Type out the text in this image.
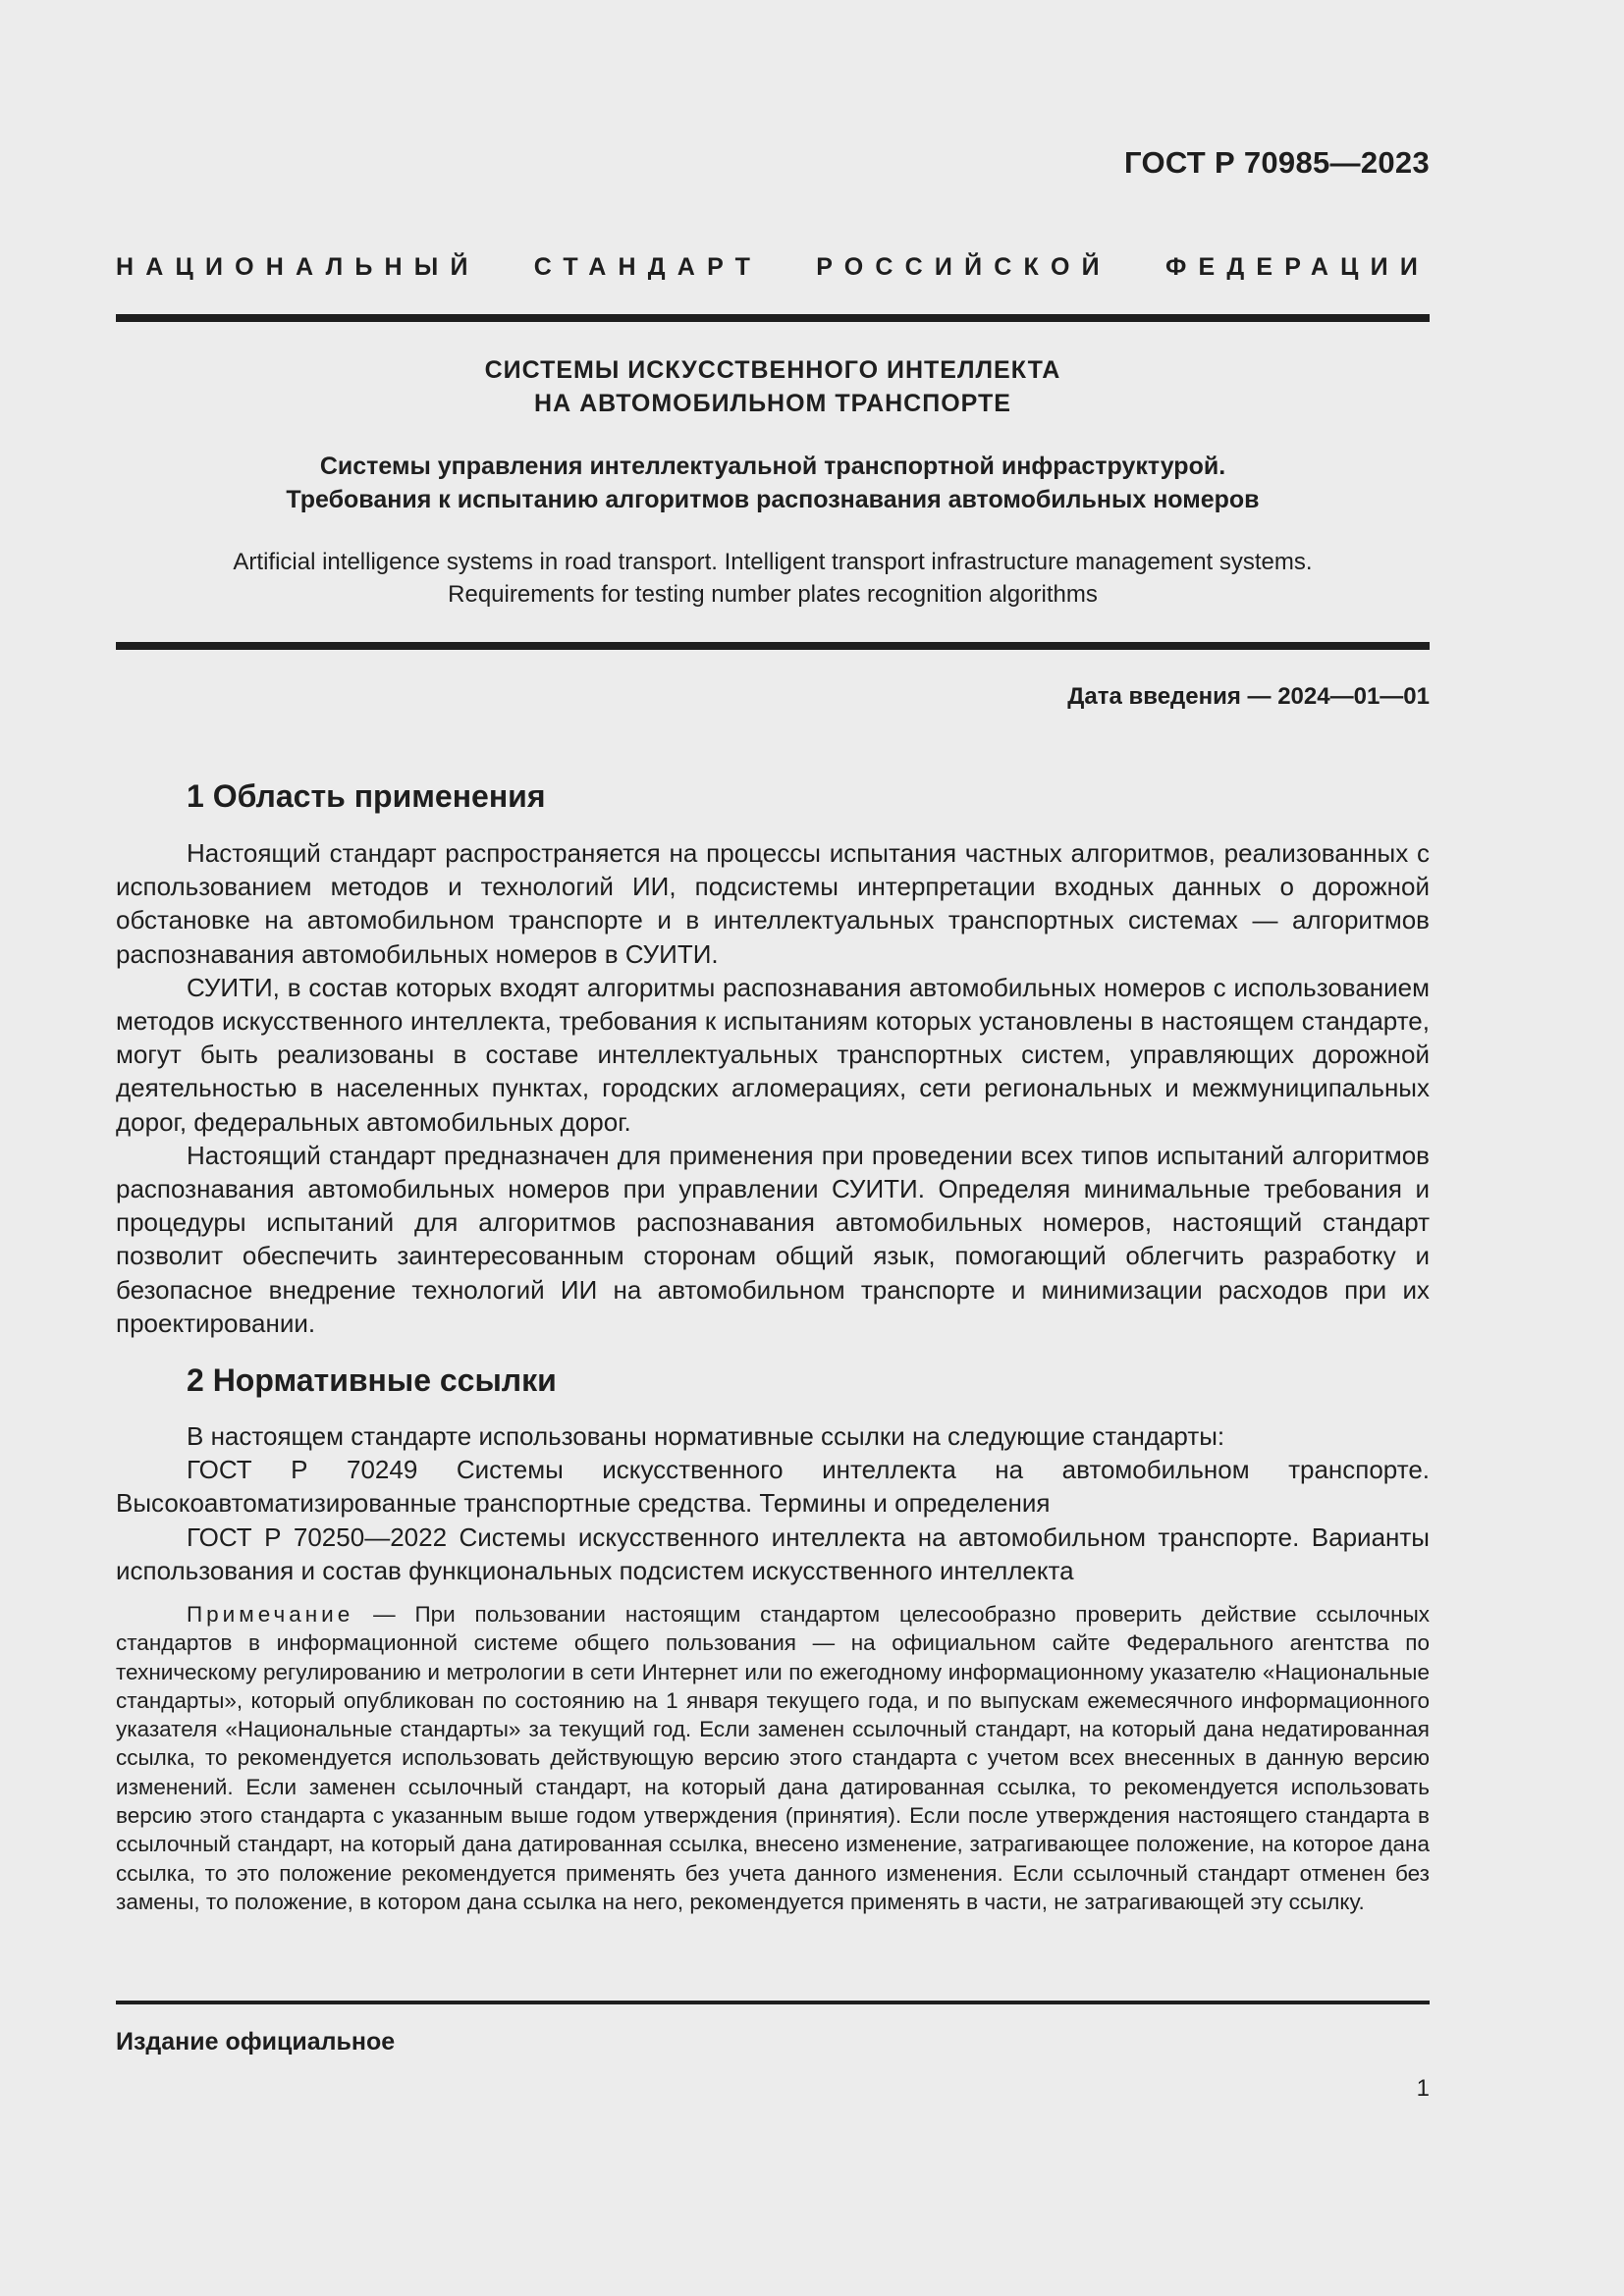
ГОСТ Р 70985—2023
НАЦИОНАЛЬНЫЙ СТАНДАРТ РОССИЙСКОЙ ФЕДЕРАЦИИ
СИСТЕМЫ ИСКУССТВЕННОГО ИНТЕЛЛЕКТА
НА АВТОМОБИЛЬНОМ ТРАНСПОРТЕ
Системы управления интеллектуальной транспортной инфраструктурой.
Требования к испытанию алгоритмов распознавания автомобильных номеров
Artificial intelligence systems in road transport. Intelligent transport infrastructure management systems.
Requirements for testing number plates recognition algorithms
Дата введения — 2024—01—01
1 Область применения

Настоящий стандарт распространяется на процессы испытания частных алгоритмов, реализованных с использованием методов и технологий ИИ, подсистемы интерпретации входных данных о дорожной обстановке на автомобильном транспорте и в интеллектуальных транспортных системах — алгоритмов распознавания автомобильных номеров в СУИТИ.

СУИТИ, в состав которых входят алгоритмы распознавания автомобильных номеров с использованием методов искусственного интеллекта, требования к испытаниям которых установлены в настоящем стандарте, могут быть реализованы в составе интеллектуальных транспортных систем, управляющих дорожной деятельностью в населенных пунктах, городских агломерациях, сети региональных и межмуниципальных дорог, федеральных автомобильных дорог.

Настоящий стандарт предназначен для применения при проведении всех типов испытаний алгоритмов распознавания автомобильных номеров при управлении СУИТИ. Определяя минимальные требования и процедуры испытаний для алгоритмов распознавания автомобильных номеров, настоящий стандарт позволит обеспечить заинтересованным сторонам общий язык, помогающий облегчить разработку и безопасное внедрение технологий ИИ на автомобильном транспорте и минимизации расходов при их проектировании.

2 Нормативные ссылки

В настоящем стандарте использованы нормативные ссылки на следующие стандарты:

ГОСТ Р 70249 Системы искусственного интеллекта на автомобильном транспорте. Высокоавтоматизированные транспортные средства. Термины и определения

ГОСТ Р 70250—2022 Системы искусственного интеллекта на автомобильном транспорте. Варианты использования и состав функциональных подсистем искусственного интеллекта

Примечание — При пользовании настоящим стандартом целесообразно проверить действие ссылочных стандартов в информационной системе общего пользования — на официальном сайте Федерального агентства по техническому регулированию и метрологии в сети Интернет или по ежегодному информационному указателю «Национальные стандарты», который опубликован по состоянию на 1 января текущего года, и по выпускам ежемесячного информационного указателя «Национальные стандарты» за текущий год. Если заменен ссылочный стандарт, на который дана недатированная ссылка, то рекомендуется использовать действующую версию этого стандарта с учетом всех внесенных в данную версию изменений. Если заменен ссылочный стандарт, на который дана датированная ссылка, то рекомендуется использовать версию этого стандарта с указанным выше годом утверждения (принятия). Если после утверждения настоящего стандарта в ссылочный стандарт, на который дана датированная ссылка, внесено изменение, затрагивающее положение, на которое дана ссылка, то это положение рекомендуется применять без учета данного изменения. Если ссылочный стандарт отменен без замены, то положение, в котором дана ссылка на него, рекомендуется применять в части, не затрагивающей эту ссылку.
Издание официальное
1
